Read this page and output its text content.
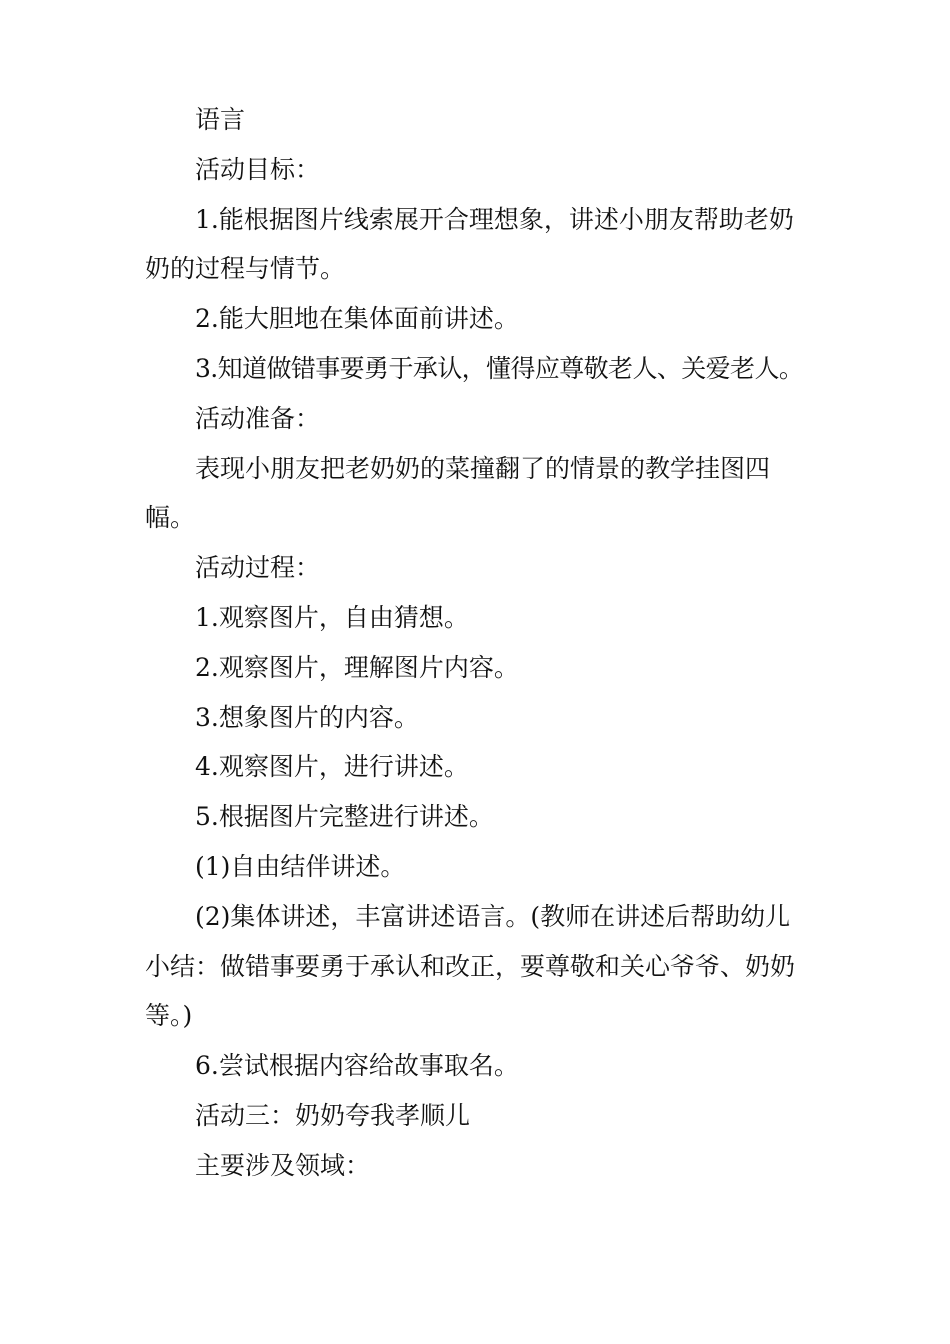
语言

活动目标：

1.能根据图片线索展开合理想象，讲述小朋友帮助老奶奶的过程与情节。

2.能大胆地在集体面前讲述。

3.知道做错事要勇于承认，懂得应尊敬老人、关爱老人。

活动准备：

表现小朋友把老奶奶的菜撞翻了的情景的教学挂图四幅。

活动过程：

1.观察图片，自由猜想。

2.观察图片，理解图片内容。

3.想象图片的内容。

4.观察图片，进行讲述。

5.根据图片完整进行讲述。

(1)自由结伴讲述。

(2)集体讲述，丰富讲述语言。(教师在讲述后帮助幼儿小结：做错事要勇于承认和改正，要尊敬和关心爷爷、奶奶等。)

6.尝试根据内容给故事取名。

活动三：奶奶夸我孝顺儿

主要涉及领域：
